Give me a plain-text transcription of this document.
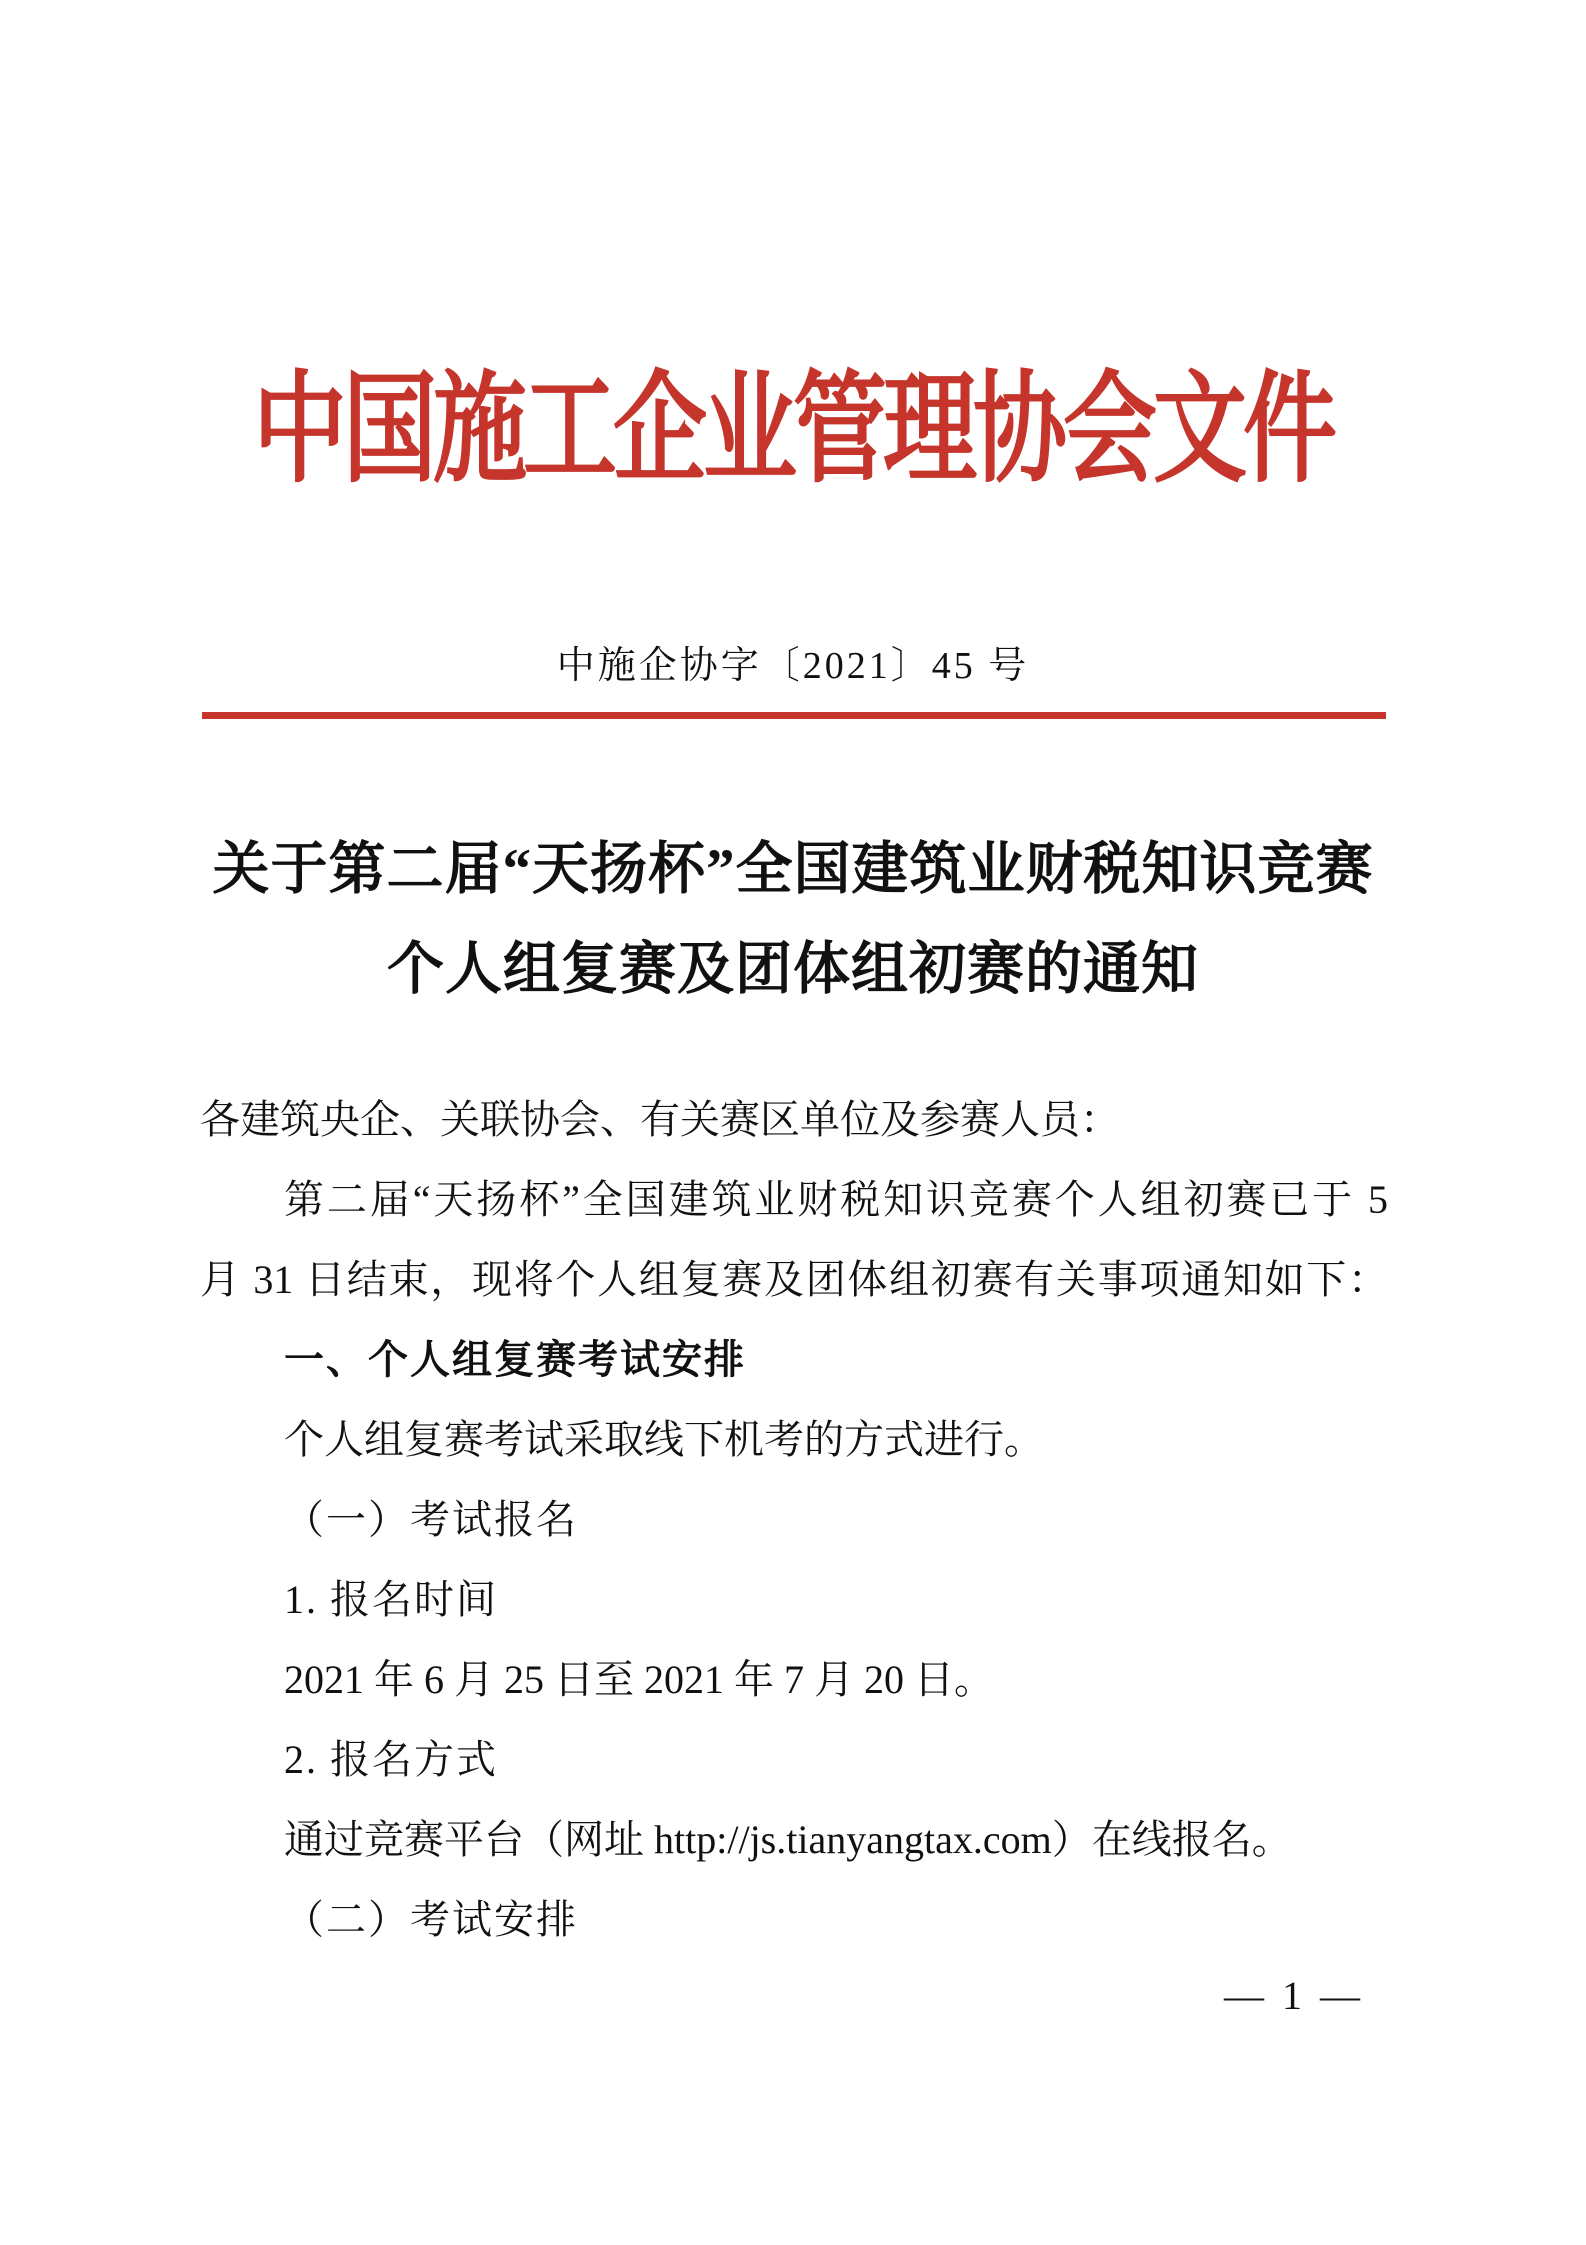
中国施工企业管理协会文件
中施企协字〔2021〕45 号
关于第二届“天扬杯”全国建筑业财税知识竞赛
个人组复赛及团体组初赛的通知
各建筑央企、关联协会、有关赛区单位及参赛人员：
第二届“天扬杯”全国建筑业财税知识竞赛个人组初赛已于 5
月 31 日结束，现将个人组复赛及团体组初赛有关事项通知如下：
一、个人组复赛考试安排
个人组复赛考试采取线下机考的方式进行。
（一）考试报名
1. 报名时间
2021 年 6 月 25 日至 2021 年 7 月 20 日。
2. 报名方式
通过竞赛平台（网址 http://js.tianyangtax.com）在线报名。
（二）考试安排
— 1 —
